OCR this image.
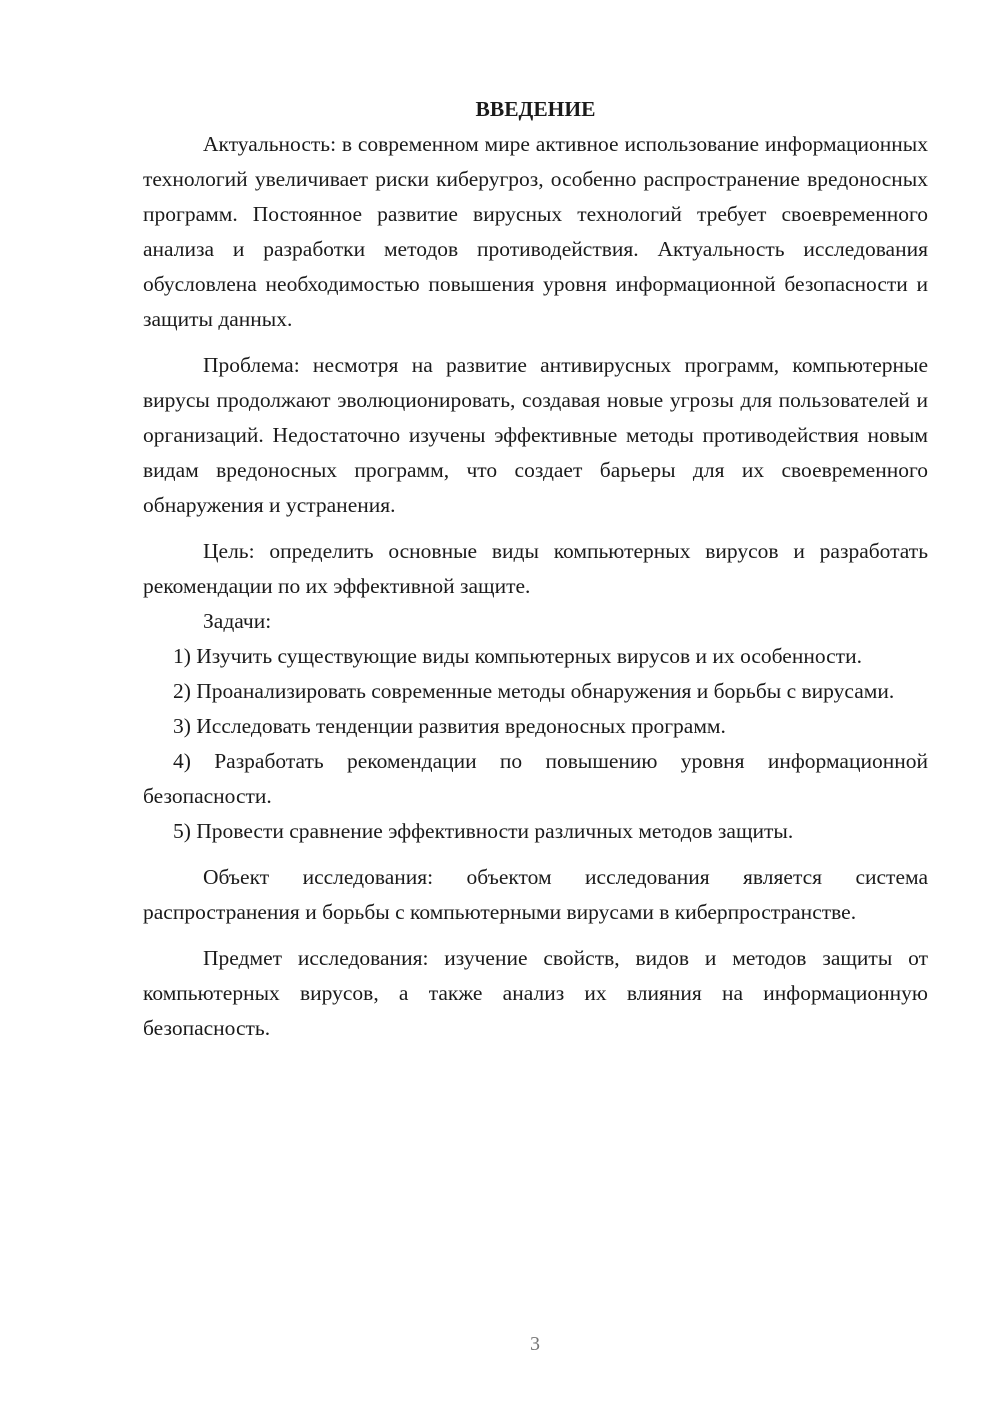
ВВЕДЕНИЕ

Актуальность: в современном мире активное использование информационных технологий увеличивает риски киберугроз, особенно распространение вредоносных программ. Постоянное развитие вирусных технологий требует своевременного анализа и разработки методов противодействия. Актуальность исследования обусловлена необходимостью повышения уровня информационной безопасности и защиты данных.

Проблема: несмотря на развитие антивирусных программ, компьютерные вирусы продолжают эволюционировать, создавая новые угрозы для пользователей и организаций. Недостаточно изучены эффективные методы противодействия новым видам вредоносных программ, что создает барьеры для их своевременного обнаружения и устранения.

Цель: определить основные виды компьютерных вирусов и разработать рекомендации по их эффективной защите.

Задачи:

1) Изучить существующие виды компьютерных вирусов и их особенности.

2) Проанализировать современные методы обнаружения и борьбы с вирусами.

3) Исследовать тенденции развития вредоносных программ.

4) Разработать рекомендации по повышению уровня информационной безопасности.

5) Провести сравнение эффективности различных методов защиты.

Объект исследования: объектом исследования является система распространения и борьбы с компьютерными вирусами в киберпространстве.

Предмет исследования: изучение свойств, видов и методов защиты от компьютерных вирусов, а также анализ их влияния на информационную безопасность.

3
